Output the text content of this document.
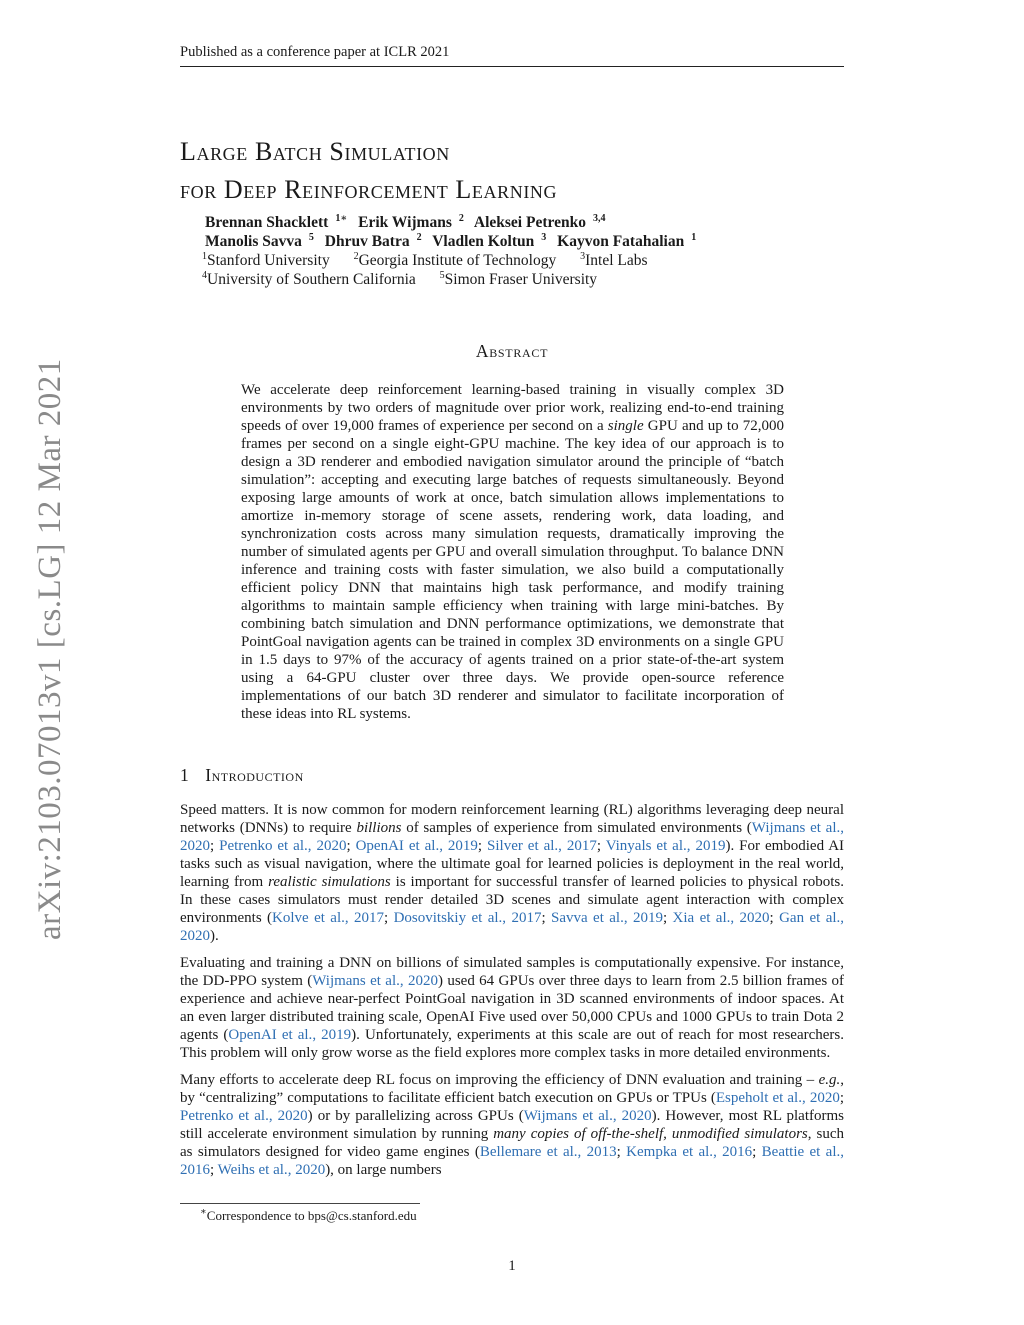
Published as a conference paper at ICLR 2021
arXiv:2103.07013v1 [cs.LG] 12 Mar 2021
Large Batch Simulation
for Deep Reinforcement Learning
Brennan Shacklett $^{1∗}$ Erik Wijmans $^2$ Aleksei Petrenko $^{3,4}$
Manolis Savva $^5$ Dhruv Batra $^2$ Vladlen Koltun $^3$ Kayvon Fatahalian $^1$
$^1$Stanford University $^2$Georgia Institute of Technology $^3$Intel Labs
$^4$University of Southern California $^5$Simon Fraser University
Abstract
We accelerate deep reinforcement learning-based training in visually complex 3D environments by two orders of magnitude over prior work, realizing end-to-end training speeds of over 19,000 frames of experience per second on a single GPU and up to 72,000 frames per second on a single eight-GPU machine. The key idea of our approach is to design a 3D renderer and embodied navigation simulator around the principle of “batch simulation”: accepting and executing large batches of requests simultaneously. Beyond exposing large amounts of work at once, batch simulation allows implementations to amortize in-memory storage of scene assets, rendering work, data loading, and synchronization costs across many simulation requests, dramatically improving the number of simulated agents per GPU and overall simulation throughput. To balance DNN inference and training costs with faster simulation, we also build a computationally efficient policy DNN that maintains high task performance, and modify training algorithms to maintain sample efficiency when training with large mini-batches. By combining batch simulation and DNN performance optimizations, we demonstrate that PointGoal navigation agents can be trained in complex 3D environments on a single GPU in 1.5 days to 97% of the accuracy of agents trained on a prior state-of-the-art system using a 64-GPU cluster over three days. We provide open-source reference implementations of our batch 3D renderer and simulator to facilitate incorporation of these ideas into RL systems.
1 Introduction

Speed matters. It is now common for modern reinforcement learning (RL) algorithms leveraging deep neural networks (DNNs) to require billions of samples of experience from simulated environments (Wijmans et al., 2020; Petrenko et al., 2020; OpenAI et al., 2019; Silver et al., 2017; Vinyals et al., 2019). For embodied AI tasks such as visual navigation, where the ultimate goal for learned policies is deployment in the real world, learning from realistic simulations is important for successful transfer of learned policies to physical robots. In these cases simulators must render detailed 3D scenes and simulate agent interaction with complex environments (Kolve et al., 2017; Dosovitskiy et al., 2017; Savva et al., 2019; Xia et al., 2020; Gan et al., 2020).

Evaluating and training a DNN on billions of simulated samples is computationally expensive. For instance, the DD-PPO system (Wijmans et al., 2020) used 64 GPUs over three days to learn from 2.5 billion frames of experience and achieve near-perfect PointGoal navigation in 3D scanned environments of indoor spaces. At an even larger distributed training scale, OpenAI Five used over 50,000 CPUs and 1000 GPUs to train Dota 2 agents (OpenAI et al., 2019). Unfortunately, experiments at this scale are out of reach for most researchers. This problem will only grow worse as the field explores more complex tasks in more detailed environments.

Many efforts to accelerate deep RL focus on improving the efficiency of DNN evaluation and training – e.g., by “centralizing” computations to facilitate efficient batch execution on GPUs or TPUs (Espeholt et al., 2020; Petrenko et al., 2020) or by parallelizing across GPUs (Wijmans et al., 2020). However, most RL platforms still accelerate environment simulation by running many copies of off-the-shelf, unmodified simulators, such as simulators designed for video game engines (Bellemare et al., 2013; Kempka et al., 2016; Beattie et al., 2016; Weihs et al., 2020), on large numbers

∗Correspondence to bps@cs.stanford.edu
1
